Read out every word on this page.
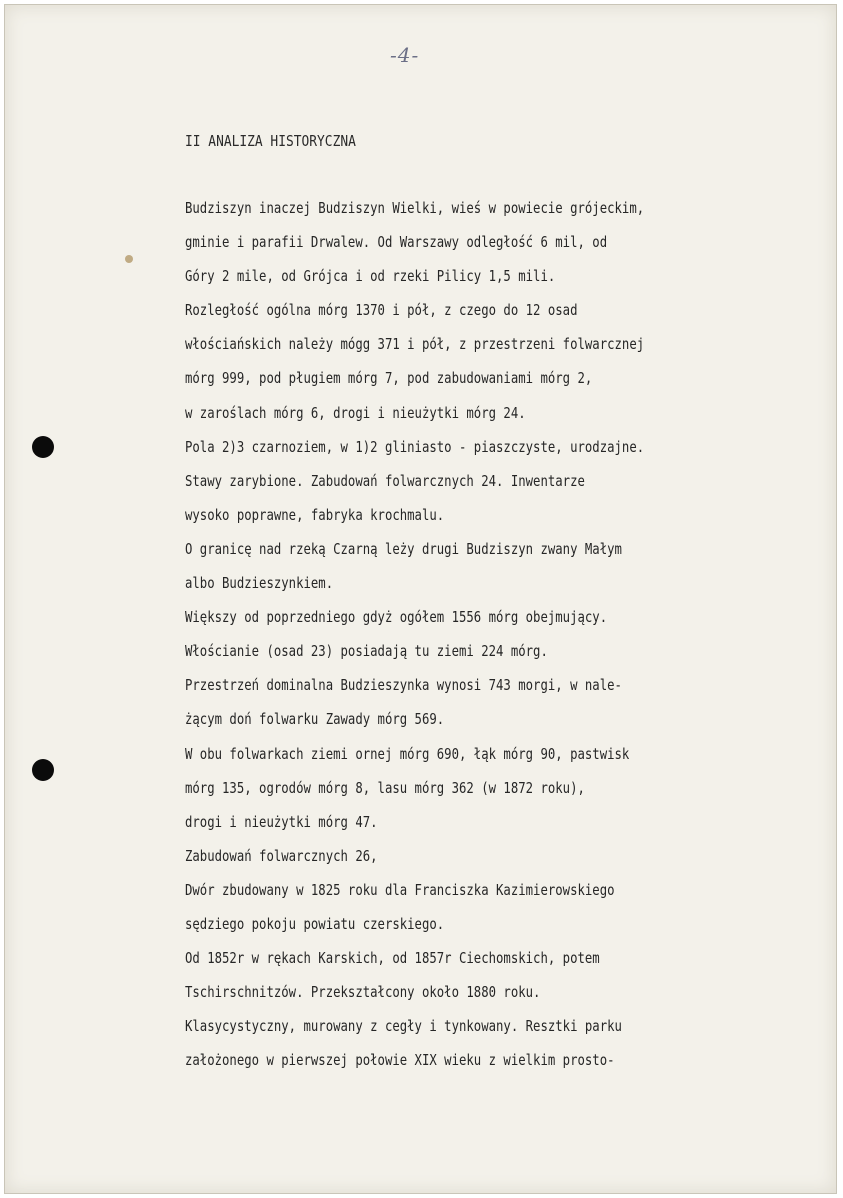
-4-
II ANALIZA HISTORYCZNA
Budziszyn inaczej Budziszyn Wielki, wieś w powiecie grójeckim,
gminie i parafii Drwalew. Od Warszawy odległość 6 mil, od
Góry 2 mile, od Grójca i od rzeki Pilicy 1,5 mili.
Rozległość ogólna mórg 1370 i pół, z czego do 12 osad
włościańskich należy mógg 371 i pół, z przestrzeni folwarcznej
mórg 999, pod pługiem mórg 7, pod zabudowaniami mórg 2,
w zaroślach mórg 6, drogi i nieużytki mórg 24.
Pola 2)3 czarnoziem, w 1)2 gliniasto - piaszczyste, urodzajne.
Stawy zarybione. Zabudowań folwarcznych 24. Inwentarze
wysoko poprawne, fabryka krochmalu.
O granicę nad rzeką Czarną leży drugi Budziszyn zwany Małym
albo Budzieszynkiem.
Większy od poprzedniego gdyż ogółem 1556 mórg obejmujący.
Włościanie (osad 23) posiadają tu ziemi 224 mórg.
Przestrzeń dominalna Budzieszynka wynosi 743 morgi, w nale-
żącym doń folwarku Zawady mórg 569.
W obu folwarkach ziemi ornej mórg 690, łąk mórg 90, pastwisk
mórg 135, ogrodów mórg 8, lasu mórg 362 (w 1872 roku),
drogi i nieużytki mórg 47.
Zabudowań folwarcznych 26,
Dwór zbudowany w 1825 roku dla Franciszka Kazimierowskiego
sędziego pokoju powiatu czerskiego.
Od 1852r w rękach Karskich, od 1857r Ciechomskich, potem
Tschirschnitzów. Przekształcony około 1880 roku.
Klasycystyczny, murowany z cegły i tynkowany. Resztki parku
założonego w pierwszej połowie XIX wieku z wielkim prosto-
